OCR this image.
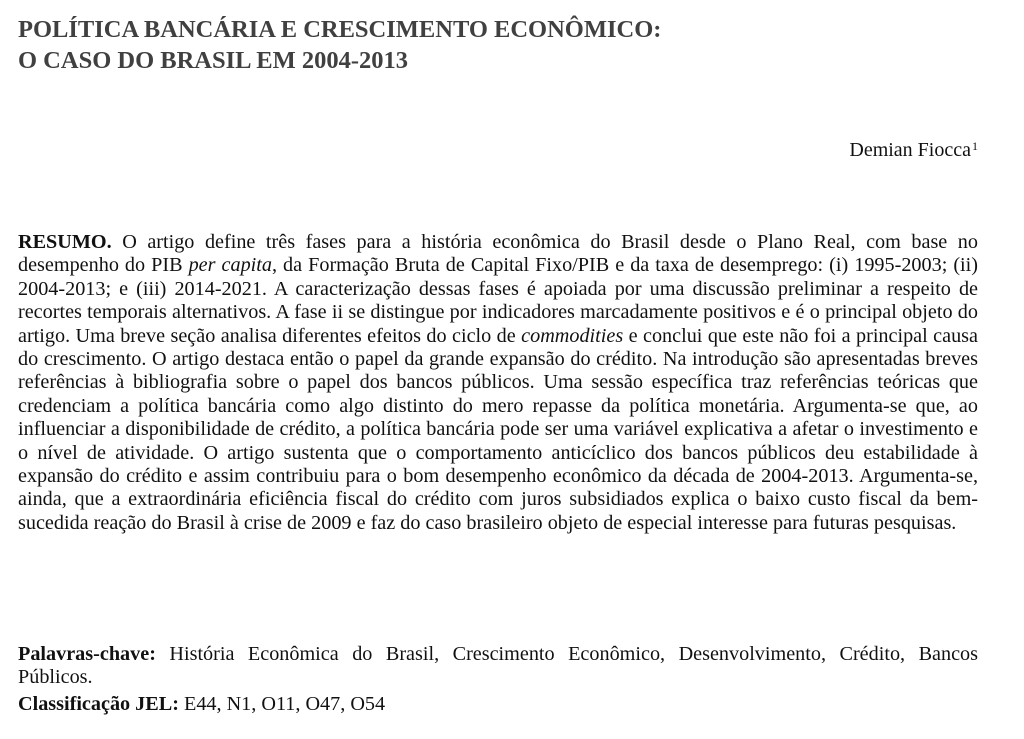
POLÍTICA BANCÁRIA E CRESCIMENTO ECONÔMICO:
O CASO DO BRASIL EM 2004-2013
Demian Fiocca$^1$

RESUMO. O artigo define três fases para a história econômica do Brasil desde o Plano Real, com base no desempenho do PIB per capita, da Formação Bruta de Capital Fixo/PIB e da taxa de desemprego: (i) 1995-2003; (ii) 2004-2013; e (iii) 2014-2021. A caracterização dessas fases é apoiada por uma discussão preliminar a respeito de recortes temporais alternativos. A fase ii se distingue por indicadores marcadamente positivos e é o principal objeto do artigo. Uma breve seção analisa diferentes efeitos do ciclo de commodities e conclui que este não foi a principal causa do crescimento. O artigo destaca então o papel da grande expansão do crédito. Na introdução são apresentadas breves referências à bibliografia sobre o papel dos bancos públicos. Uma sessão específica traz referências teóricas que credenciam a política bancária como algo distinto do mero repasse da política monetária. Argumenta-se que, ao influenciar a disponibilidade de crédito, a política bancária pode ser uma variável explicativa a afetar o investimento e o nível de atividade. O artigo sustenta que o comportamento anticíclico dos bancos públicos deu estabilidade à expansão do crédito e assim contribuiu para o bom desempenho econômico da década de 2004-2013. Argumenta-se, ainda, que a extraordinária eficiência fiscal do crédito com juros subsidiados explica o baixo custo fiscal da bem-sucedida reação do Brasil à crise de 2009 e faz do caso brasileiro objeto de especial interesse para futuras pesquisas.

Palavras-chave: História Econômica do Brasil, Crescimento Econômico, Desenvolvimento, Crédito, Bancos Públicos.

Classificação JEL: E44, N1, O11, O47, O54
